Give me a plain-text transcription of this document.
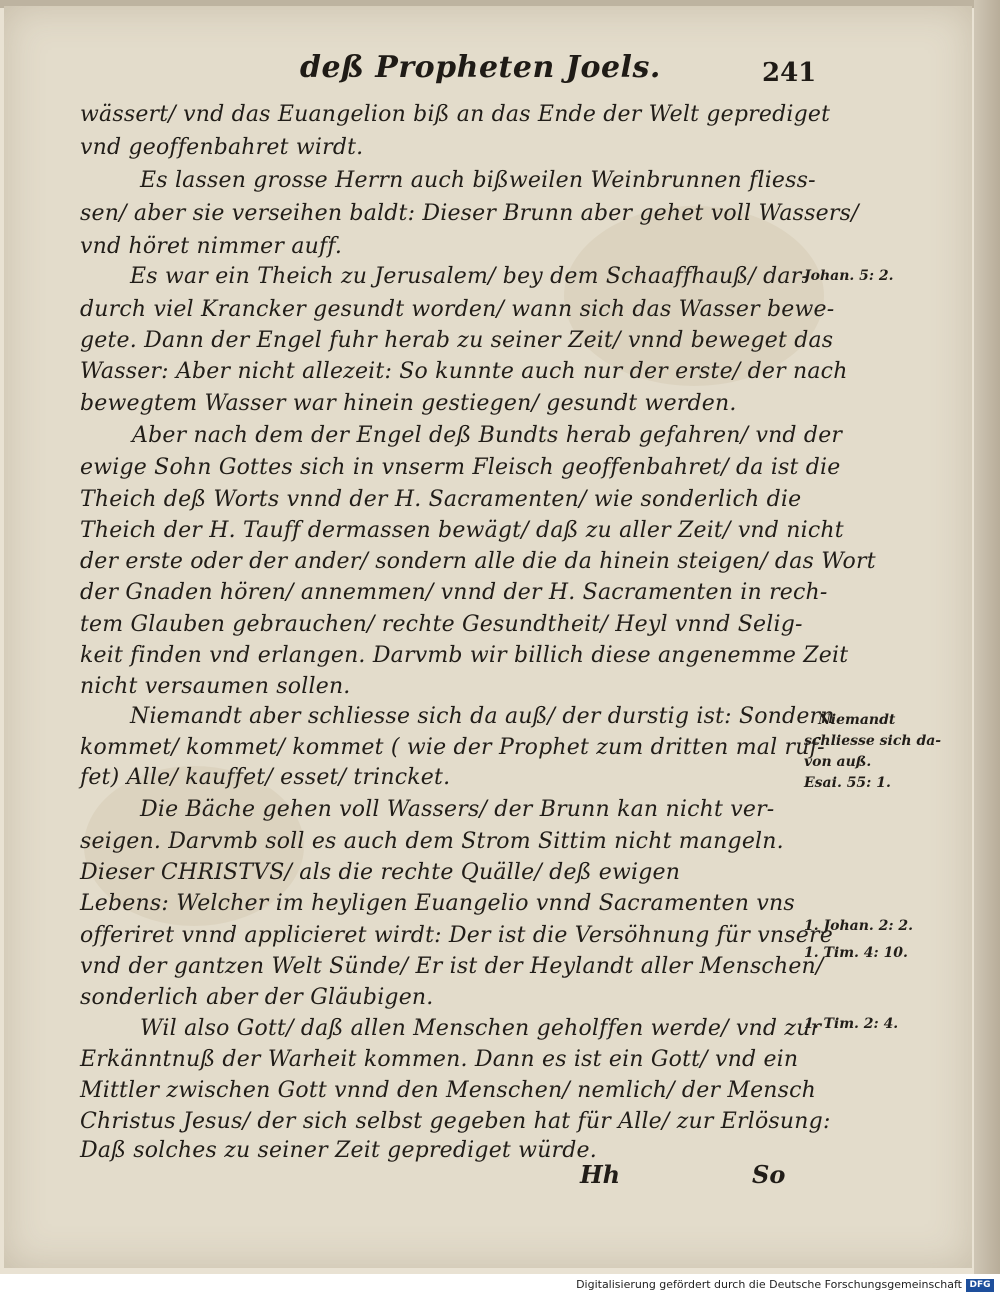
deß Propheten Joels.	241
wässert/ vnd das Euangelion biß an das Ende der Welt geprediget
vnd geoffenbahret wirdt.
Es lassen grosse Herrn auch bißweilen Weinbrunnen fliess-
sen/ aber sie verseihen baldt: Dieser Brunn aber gehet voll Wassers/
vnd höret nimmer auff.
Es war ein Theich zu Jerusalem/ bey dem Schaaffhauß/ dar-
durch viel Krancker gesundt worden/ wann sich das Wasser bewe-
gete. Dann der Engel fuhr herab zu seiner Zeit/ vnnd beweget das
Wasser: Aber nicht allezeit: So kunnte auch nur der erste/ der nach
bewegtem Wasser war hinein gestiegen/ gesundt werden.
Aber nach dem der Engel deß Bundts herab gefahren/ vnd der
ewige Sohn Gottes sich in vnserm Fleisch geoffenbahret/ da ist die
Theich deß Worts vnnd der H. Sacramenten/ wie sonderlich die
Theich der H. Tauff dermassen bewägt/ daß zu aller Zeit/ vnd nicht
der erste oder der ander/ sondern alle die da hinein steigen/ das Wort
der Gnaden hören/ annemmen/ vnnd der H. Sacramenten in rech-
tem Glauben gebrauchen/ rechte Gesundtheit/ Heyl vnnd Selig-
keit finden vnd erlangen. Darvmb wir billich diese angenemme Zeit
nicht versaumen sollen.
Niemandt aber schliesse sich da auß/ der durstig ist: Sondern
kommet/ kommet/ kommet ( wie der Prophet zum dritten mal ruf-
fet) Alle/ kauffet/ esset/ trincket.
Die Bäche gehen voll Wassers/ der Brunn kan nicht ver-
seigen. Darvmb soll es auch dem Strom Sittim nicht mangeln.
Dieser CHRISTVS/ als die rechte Quälle/ deß ewigen
Lebens: Welcher im heyligen Euangelio vnnd Sacramenten vns
offeriret vnnd applicieret wirdt: Der ist die Versöhnung für vnsere
vnd der gantzen Welt Sünde/ Er ist der Heylandt aller Menschen/
sonderlich aber der Gläubigen.
Wil also Gott/ daß allen Menschen geholffen werde/ vnd zur
Erkänntnuß der Warheit kommen. Dann es ist ein Gott/ vnd ein
Mittler zwischen Gott vnnd den Menschen/ nemlich/ der Mensch
Christus Jesus/ der sich selbst gegeben hat für Alle/ zur Erlösung:
Daß solches zu seiner Zeit geprediget würde.
Johan. 5: 2.
Niemandt
schliesse sich da-
von auß.
Esai. 55: 1.
1. Johan. 2: 2.
1. Tim. 4: 10.
1. Tim. 2: 4.
Hh	So
Digitalisierung gefördert durch die Deutsche Forschungsgemeinschaft DFG
